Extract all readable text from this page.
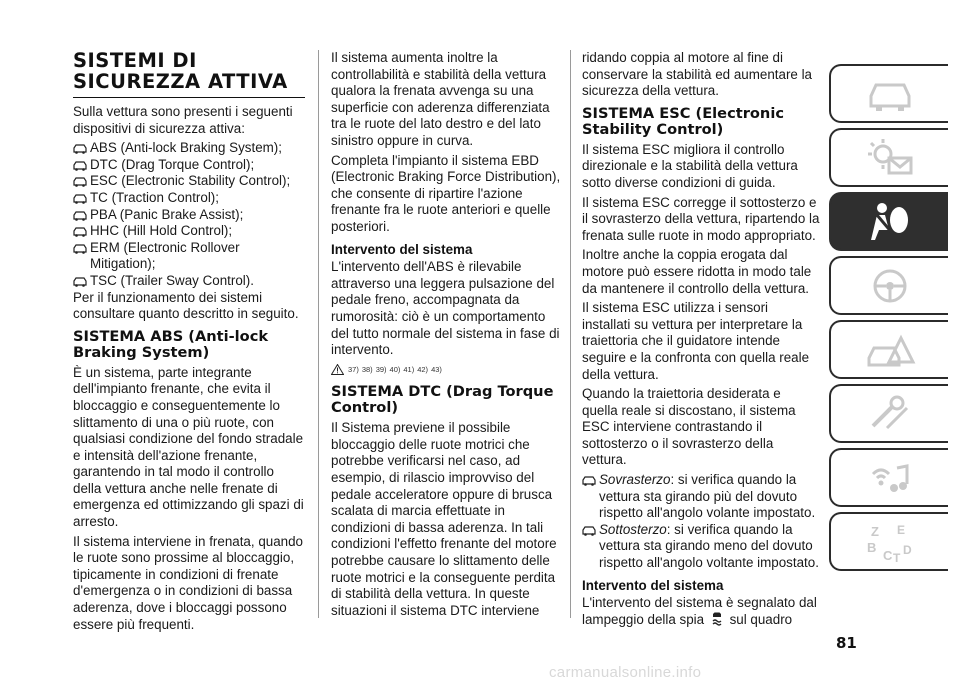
SISTEMI DI SICUREZZA ATTIVA

Sulla vettura sono presenti i seguenti dispositivi di sicurezza attiva:

ABS (Anti-lock Braking System);
DTC (Drag Torque Control);
ESC (Electronic Stability Control);
TC (Traction Control);
PBA (Panic Brake Assist);
HHC (Hill Hold Control);
ERM (Electronic Rollover Mitigation);
TSC (Trailer Sway Control).

Per il funzionamento dei sistemi consultare quanto descritto in seguito.

SISTEMA ABS (Anti-lock Braking System)

È un sistema, parte integrante dell'impianto frenante, che evita il bloccaggio e conseguentemente lo slittamento di una o più ruote, con qualsiasi condizione del fondo stradale e intensità dell'azione frenante, garantendo in tal modo il controllo della vettura anche nelle frenate di emergenza ed ottimizzando gli spazi di arresto.

Il sistema interviene in frenata, quando le ruote sono prossime al bloccaggio, tipicamente in condizioni di frenate d'emergenza o in condizioni di bassa aderenza, dove i bloccaggi possono essere più frequenti.

Il sistema aumenta inoltre la controllabilità e stabilità della vettura qualora la frenata avvenga su una superficie con aderenza differenziata tra le ruote del lato destro e del lato sinistro oppure in curva.

Completa l'impianto il sistema EBD (Electronic Braking Force Distribution), che consente di ripartire l'azione frenante fra le ruote anteriori e quelle posteriori.

Intervento del sistema

L'intervento dell'ABS è rilevabile attraverso una leggera pulsazione del pedale freno, accompagnata da rumorosità: ciò è un comportamento del tutto normale del sistema in fase di intervento.

37) 38) 39) 40) 41) 42) 43)
SISTEMA DTC (Drag Torque Control)

Il Sistema previene il possibile bloccaggio delle ruote motrici che potrebbe verificarsi nel caso, ad esempio, di rilascio improvviso del pedale acceleratore oppure di brusca scalata di marcia effettuate in condizioni di bassa aderenza. In tali condizioni l'effetto frenante del motore potrebbe causare lo slittamento delle ruote motrici e la conseguente perdita di stabilità della vettura. In queste situazioni il sistema DTC interviene

ridando coppia al motore al fine di conservare la stabilità ed aumentare la sicurezza della vettura.

SISTEMA ESC (Electronic Stability Control)

Il sistema ESC migliora il controllo direzionale e la stabilità della vettura sotto diverse condizioni di guida.

Il sistema ESC corregge il sottosterzo e il sovrasterzo della vettura, ripartendo la frenata sulle ruote in modo appropriato.

Inoltre anche la coppia erogata dal motore può essere ridotta in modo tale da mantenere il controllo della vettura.

Il sistema ESC utilizza i sensori installati su vettura per interpretare la traiettoria che il guidatore intende seguire e la confronta con quella reale della vettura.

Quando la traiettoria desiderata e quella reale si discostano, il sistema ESC interviene contrastando il sottosterzo o il sovrasterzo della vettura.

Sovrasterzo: si verifica quando la vettura sta girando più del dovuto rispetto all'angolo volante impostato.
Sottosterzo: si verifica quando la vettura sta girando meno del dovuto rispetto all'angolo voltante impostato.
Intervento del sistema

L'intervento del sistema è segnalato dal lampeggio della spia sul quadro

Z E
B
C D
T
81
carmanualsonline.info
